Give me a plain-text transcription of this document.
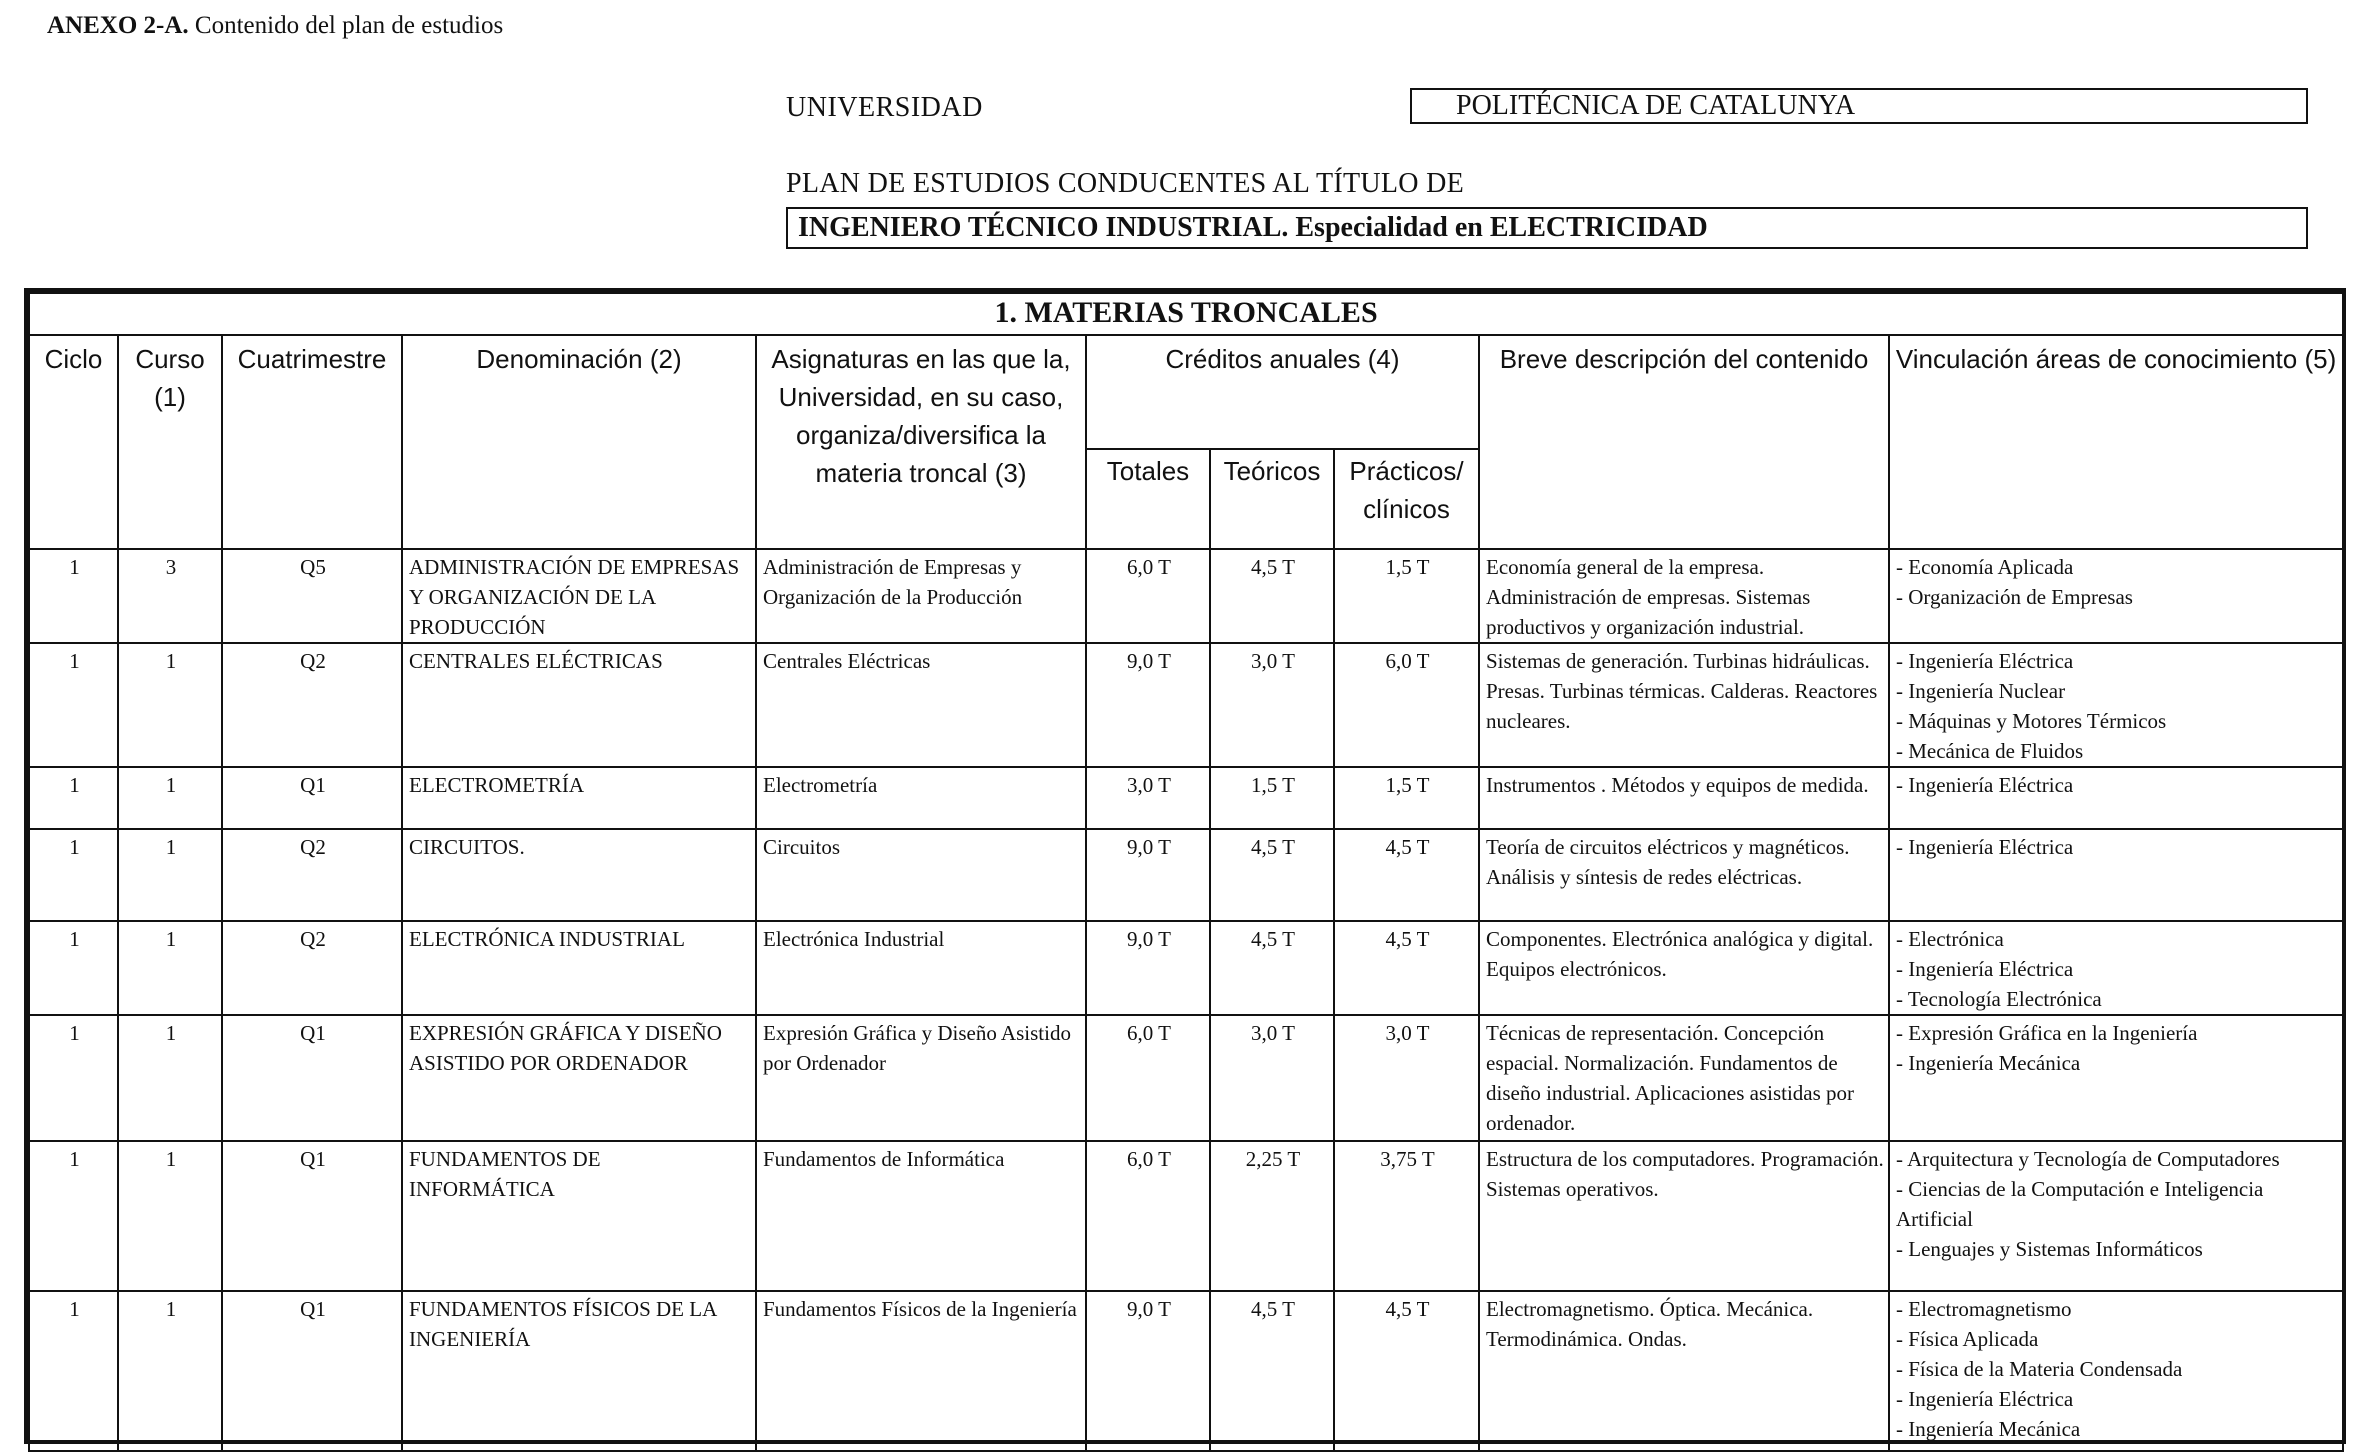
ANEXO 2-A. Contenido del plan de estudios
UNIVERSIDAD	POLITÉCNICA DE CATALUNYA
PLAN DE ESTUDIOS CONDUCENTES AL TÍTULO DE
INGENIERO TÉCNICO INDUSTRIAL. Especialidad en ELECTRICIDAD
1. MATERIAS TRONCALES									
Ciclo	Curso (1)	Cuatrimestre	Denominación (2)	Asignaturas en las que la, Universidad, en su caso, organiza/diversifica la materia troncal (3)	Créditos anuales (4)			Breve descripción del contenido	Vinculación áreas de conocimiento (5)
					Totales	Teóricos	Prácticos/ clínicos		
1	3	Q5	ADMINISTRACIÓN DE EMPRESAS Y ORGANIZACIÓN DE LA PRODUCCIÓN	Administración de Empresas y Organización de la Producción	6,0 T	4,5 T	1,5 T	Economía general de la empresa. Administración de empresas. Sistemas productivos y organización industrial.	- Economía Aplicada
- Organización de Empresas

1	1	Q2	CENTRALES ELÉCTRICAS	Centrales Eléctricas	9,0 T	3,0 T	6,0 T	Sistemas de generación. Turbinas hidráulicas. Presas. Turbinas térmicas. Calderas. Reactores nucleares.	- Ingeniería Eléctrica
- Ingeniería Nuclear
- Máquinas y Motores Térmicos
- Mecánica de Fluidos

1	1	Q1	ELECTROMETRÍA	Electrometría	3,0 T	1,5 T	1,5 T	Instrumentos . Métodos y equipos de medida.	- Ingeniería Eléctrica

1	1	Q2	CIRCUITOS.	Circuitos	9,0 T	4,5 T	4,5 T	Teoría de circuitos eléctricos y magnéticos. Análisis y síntesis de redes eléctricas.	- Ingeniería Eléctrica

1	1	Q2	ELECTRÓNICA INDUSTRIAL	Electrónica Industrial	9,0 T	4,5 T	4,5 T	Componentes. Electrónica analógica y digital. Equipos electrónicos.	- Electrónica
- Ingeniería Eléctrica
- Tecnología Electrónica

1	1	Q1	EXPRESIÓN GRÁFICA Y DISEÑO ASISTIDO POR ORDENADOR	Expresión Gráfica y Diseño Asistido por Ordenador	6,0 T	3,0 T	3,0 T	Técnicas de representación. Concepción espacial. Normalización. Fundamentos de diseño industrial. Aplicaciones asistidas por ordenador.	- Expresión Gráfica en la Ingeniería
- Ingeniería Mecánica

1	1	Q1	FUNDAMENTOS DE INFORMÁTICA	Fundamentos de Informática	6,0 T	2,25 T	3,75 T	Estructura de los computadores. Programación. Sistemas operativos.	- Arquitectura y Tecnología de Computadores
- Ciencias de la Computación e Inteligencia Artificial
- Lenguajes y Sistemas Informáticos

1	1	Q1	FUNDAMENTOS FÍSICOS DE LA INGENIERÍA	Fundamentos Físicos de la Ingeniería	9,0 T	4,5 T	4,5 T	Electromagnetismo. Óptica. Mecánica. Termodinámica. Ondas.	- Electromagnetismo
- Física Aplicada
- Física de la Materia Condensada
- Ingeniería Eléctrica
- Ingeniería Mecánica
